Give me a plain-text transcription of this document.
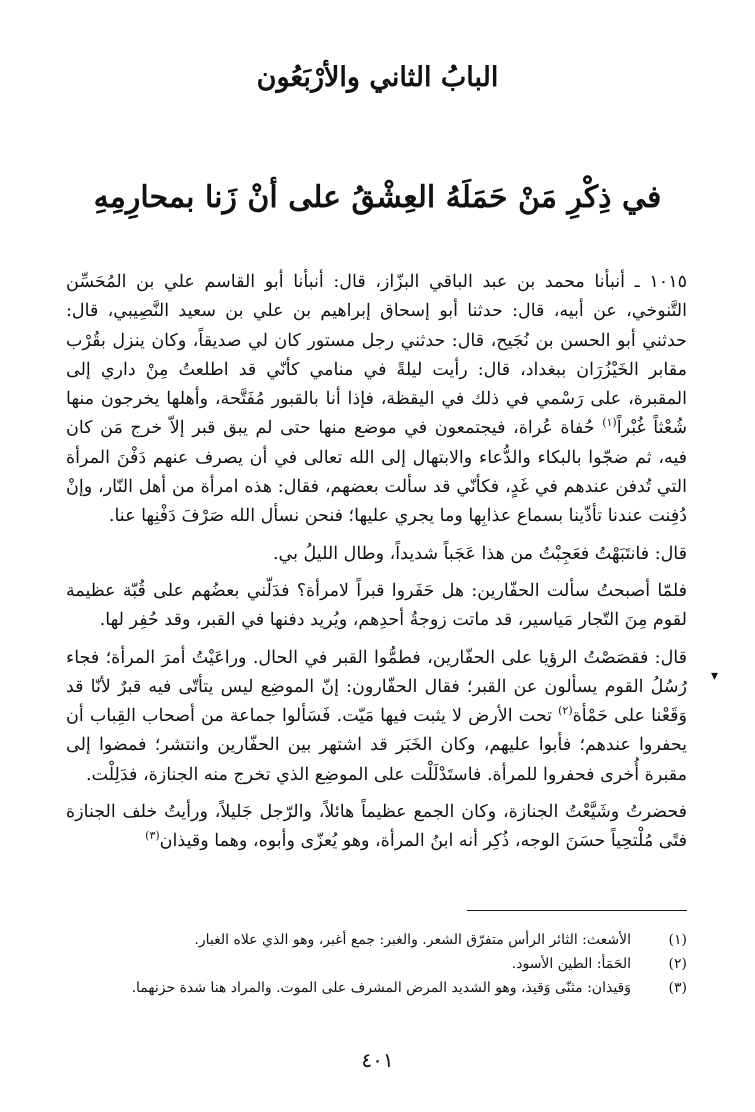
البابُ الثاني والأرْبَعُون
في ذِكْرِ مَنْ حَمَلَهُ العِشْقُ على أنْ زَنا بمحارِمِهِ

١٠١٥ ـ أنبأنا محمد بن عبد الباقي البزّاز، قال: أنبأنا أبو القاسم علي بن المُحَسِّن التَّنوخي، عن أبيه، قال: حدثنا أبو إسحاق إبراهيم بن علي بن سعيد النَّصِيبي، قال: حدثني أبو الحسن بن نُجَيح، قال: حدثني رجل مستور كان لي صديقاً، وكان ينزل بقُرْب مقابر الخَيْزُرَان ببغداد، قال: رأيت ليلةً في منامي كأنّي قد اطلعتُ مِنْ داري إلى المقبرة، على رَسْمي في ذلك في اليقظة، فإذا أنا بالقبور مُفَتَّحة، وأهلها يخرجون منها شُعْثاً غُبْراً$^{(١)}$ حُفاة عُراة، فيجتمعون في موضع منها حتى لم يبق قبر إلاّ خرج مَن كان فيه، ثم ضجّوا بالبكاء والدُّعاء والابتهال إلى الله تعالى في أن يصرف عنهم دَفْنَ المرأة التي تُدفن عندهم في غَدٍ، فكأنّي قد سألت بعضهم، فقال: هذه امرأة من أهل النّار، وإنْ دُفِنت عندنا تأذّينا بسماع عذابِها وما يجري عليها؛ فنحن نسأل الله صَرْفَ دَفْنِها عنا.

قال: فانتَبَهْتُ فعَجِبْتُ من هذا عَجَباً شديداً، وطال الليلُ بي.

فلمّا أصبحتُ سألت الحفّارين: هل حَفَروا قبراً لامرأة؟ فدَلّني بعضُهم على قُبّة عظيمة لقوم مِنَ التّجار مَياسير، قد ماتت زوجةُ أحدِهم، ويُريد دفنها في القبر، وقد حُفِر لها.

قال: فقصَصْتُ الرؤيا على الحفّارين، فطمُّوا القبر في الحال. وراعَيْتُ أمرَ المرأة؛ فجاء رُسُلُ القوم يسألون عن القبر؛ فقال الحفّارون: إنّ الموضِع ليس يتأتّى فيه قبرٌ لأنّا قد وَقَعْنا على حَمْأة$^{(٢)}$ تحت الأرض لا يثبت فيها مَيّت. فَسَألوا جماعة من أصحاب القِباب أن يحفروا عندهم؛ فأبوا عليهم، وكان الخَبَر قد اشتهر بين الحفّارين وانتشر؛ فمضوا إلى مقبرة أُخرى فحفروا للمرأة. فاستَدْلَلْت على الموضِع الذي تخرج منه الجنازة، فدَلِلْت.

فحضرتُ وشَيَّعْتُ الجنازة، وكان الجمع عظيماً هائلاً، والرّجل جَليلاً، ورأيتُ خلف الجنازة فتًى مُلْتحِياً حسَنَ الوجه، ذُكِر أنه ابنُ المرأة، وهو يُعزّى وأبوه، وهما وقيذان$^{(٣)}$

(١)
الأشعث: الثائر الرأس متفرّق الشعر. والغبر: جمع أغبر، وهو الذي علاه الغبار.
(٢)
الحَمَأ: الطين الأسود.
(٣)
وَقيذان: مثنّى وَقيذ، وهو الشديد المرض المشرف على الموت. والمراد هنا شدة حزنهما.
٤٠١
▾
